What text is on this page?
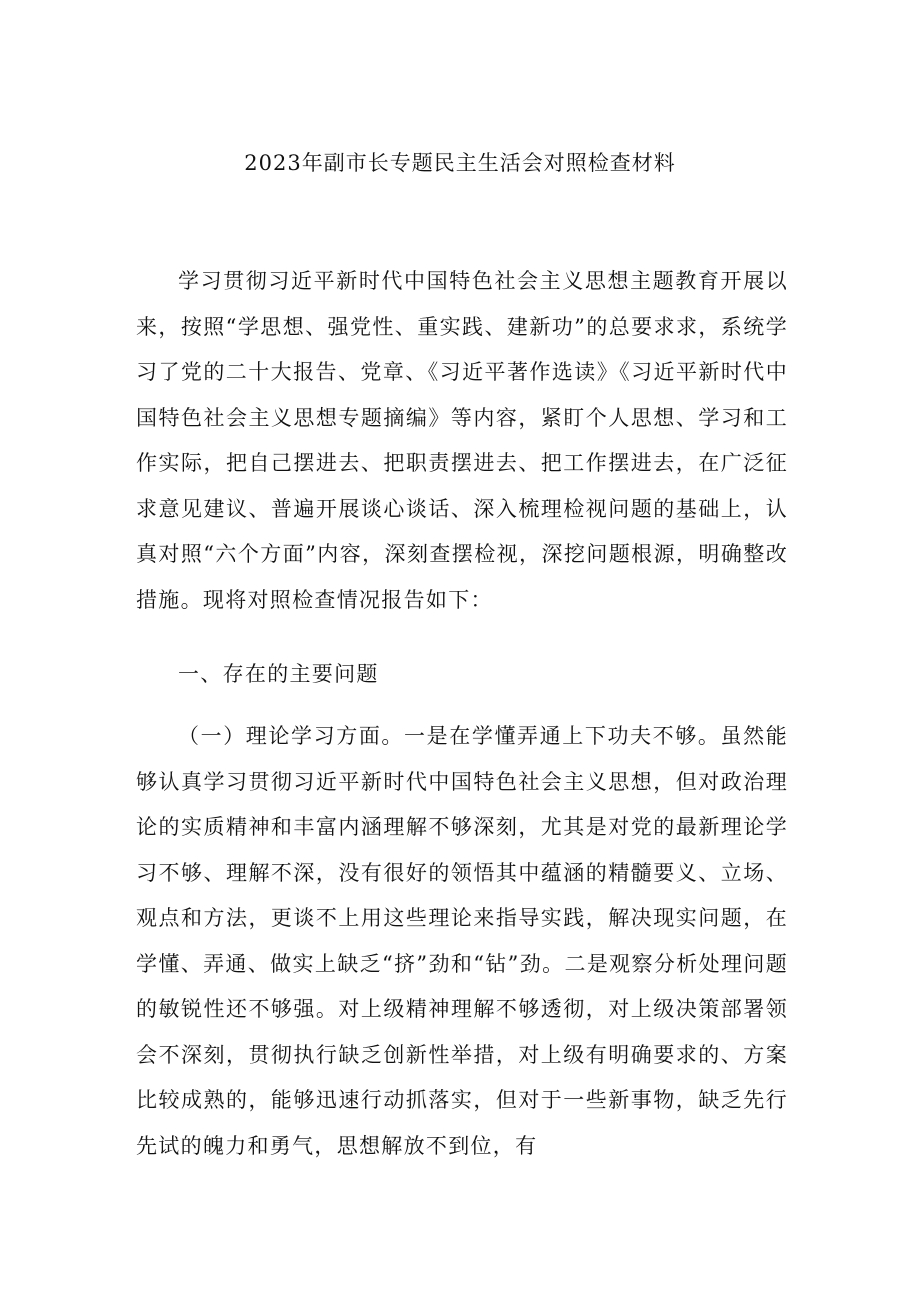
2023年副市长专题民主生活会对照检查材料

学习贯彻习近平新时代中国特色社会主义思想主题教育开展以来，按照“学思想、强党性、重实践、建新功”的总要求求，系统学习了党的二十大报告、党章、《习近平著作选读》《习近平新时代中国特色社会主义思想专题摘编》等内容，紧盯个人思想、学习和工作实际，把自己摆进去、把职责摆进去、把工作摆进去，在广泛征求意见建议、普遍开展谈心谈话、深入梳理检视问题的基础上，认真对照“六个方面”内容，深刻查摆检视，深挖问题根源，明确整改措施。现将对照检查情况报告如下：

一、存在的主要问题

（一）理论学习方面。一是在学懂弄通上下功夫不够。虽然能够认真学习贯彻习近平新时代中国特色社会主义思想，但对政治理论的实质精神和丰富内涵理解不够深刻，尤其是对党的最新理论学习不够、理解不深，没有很好的领悟其中蕴涵的精髓要义、立场、观点和方法，更谈不上用这些理论来指导实践，解决现实问题，在学懂、弄通、做实上缺乏“挤”劲和“钻”劲。二是观察分析处理问题的敏锐性还不够强。对上级精神理解不够透彻，对上级决策部署领会不深刻，贯彻执行缺乏创新性举措，对上级有明确要求的、方案比较成熟的，能够迅速行动抓落实，但对于一些新事物，缺乏先行先试的魄力和勇气，思想解放不到位，有
